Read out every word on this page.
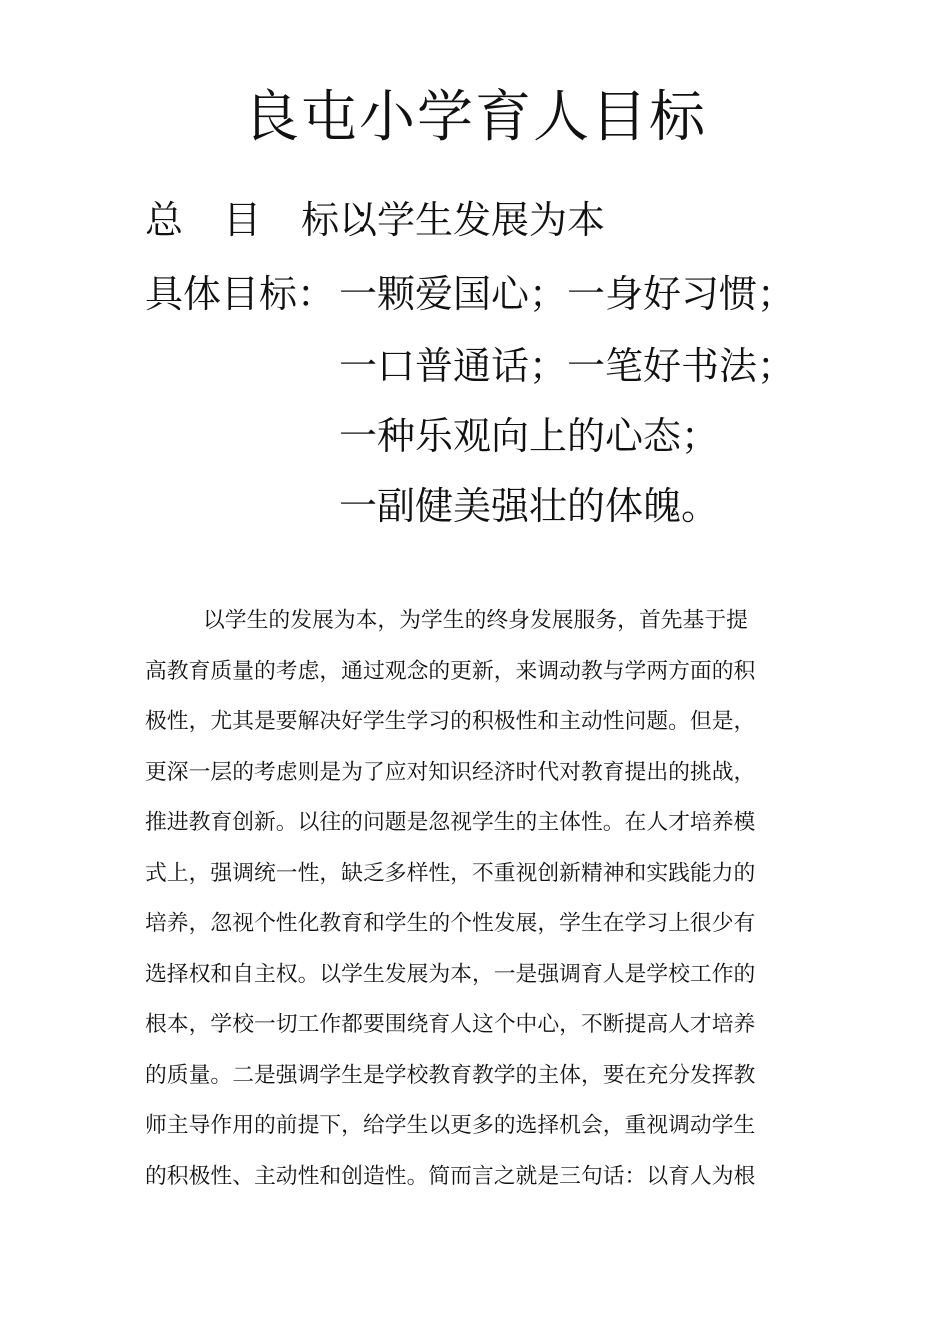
良屯小学育人目标
总 目 标：以学生发展为本
具体目标： 一颗爱国心；一身好习惯；
一口普通话；一笔好书法；
一种乐观向上的心态；
一副健美强壮的体魄。
以学生的发展为本，为学生的终身发展服务，首先基于提
高教育质量的考虑，通过观念的更新，来调动教与学两方面的积
极性，尤其是要解决好学生学习的积极性和主动性问题。但是，
更深一层的考虑则是为了应对知识经济时代对教育提出的挑战，
推进教育创新。以往的问题是忽视学生的主体性。在人才培养模
式上，强调统一性，缺乏多样性，不重视创新精神和实践能力的
培养，忽视个性化教育和学生的个性发展，学生在学习上很少有
选择权和自主权。以学生发展为本，一是强调育人是学校工作的
根本，学校一切工作都要围绕育人这个中心，不断提高人才培养
的质量。二是强调学生是学校教育教学的主体，要在充分发挥教
师主导作用的前提下，给学生以更多的选择机会，重视调动学生
的积极性、主动性和创造性。简而言之就是三句话：以育人为根
